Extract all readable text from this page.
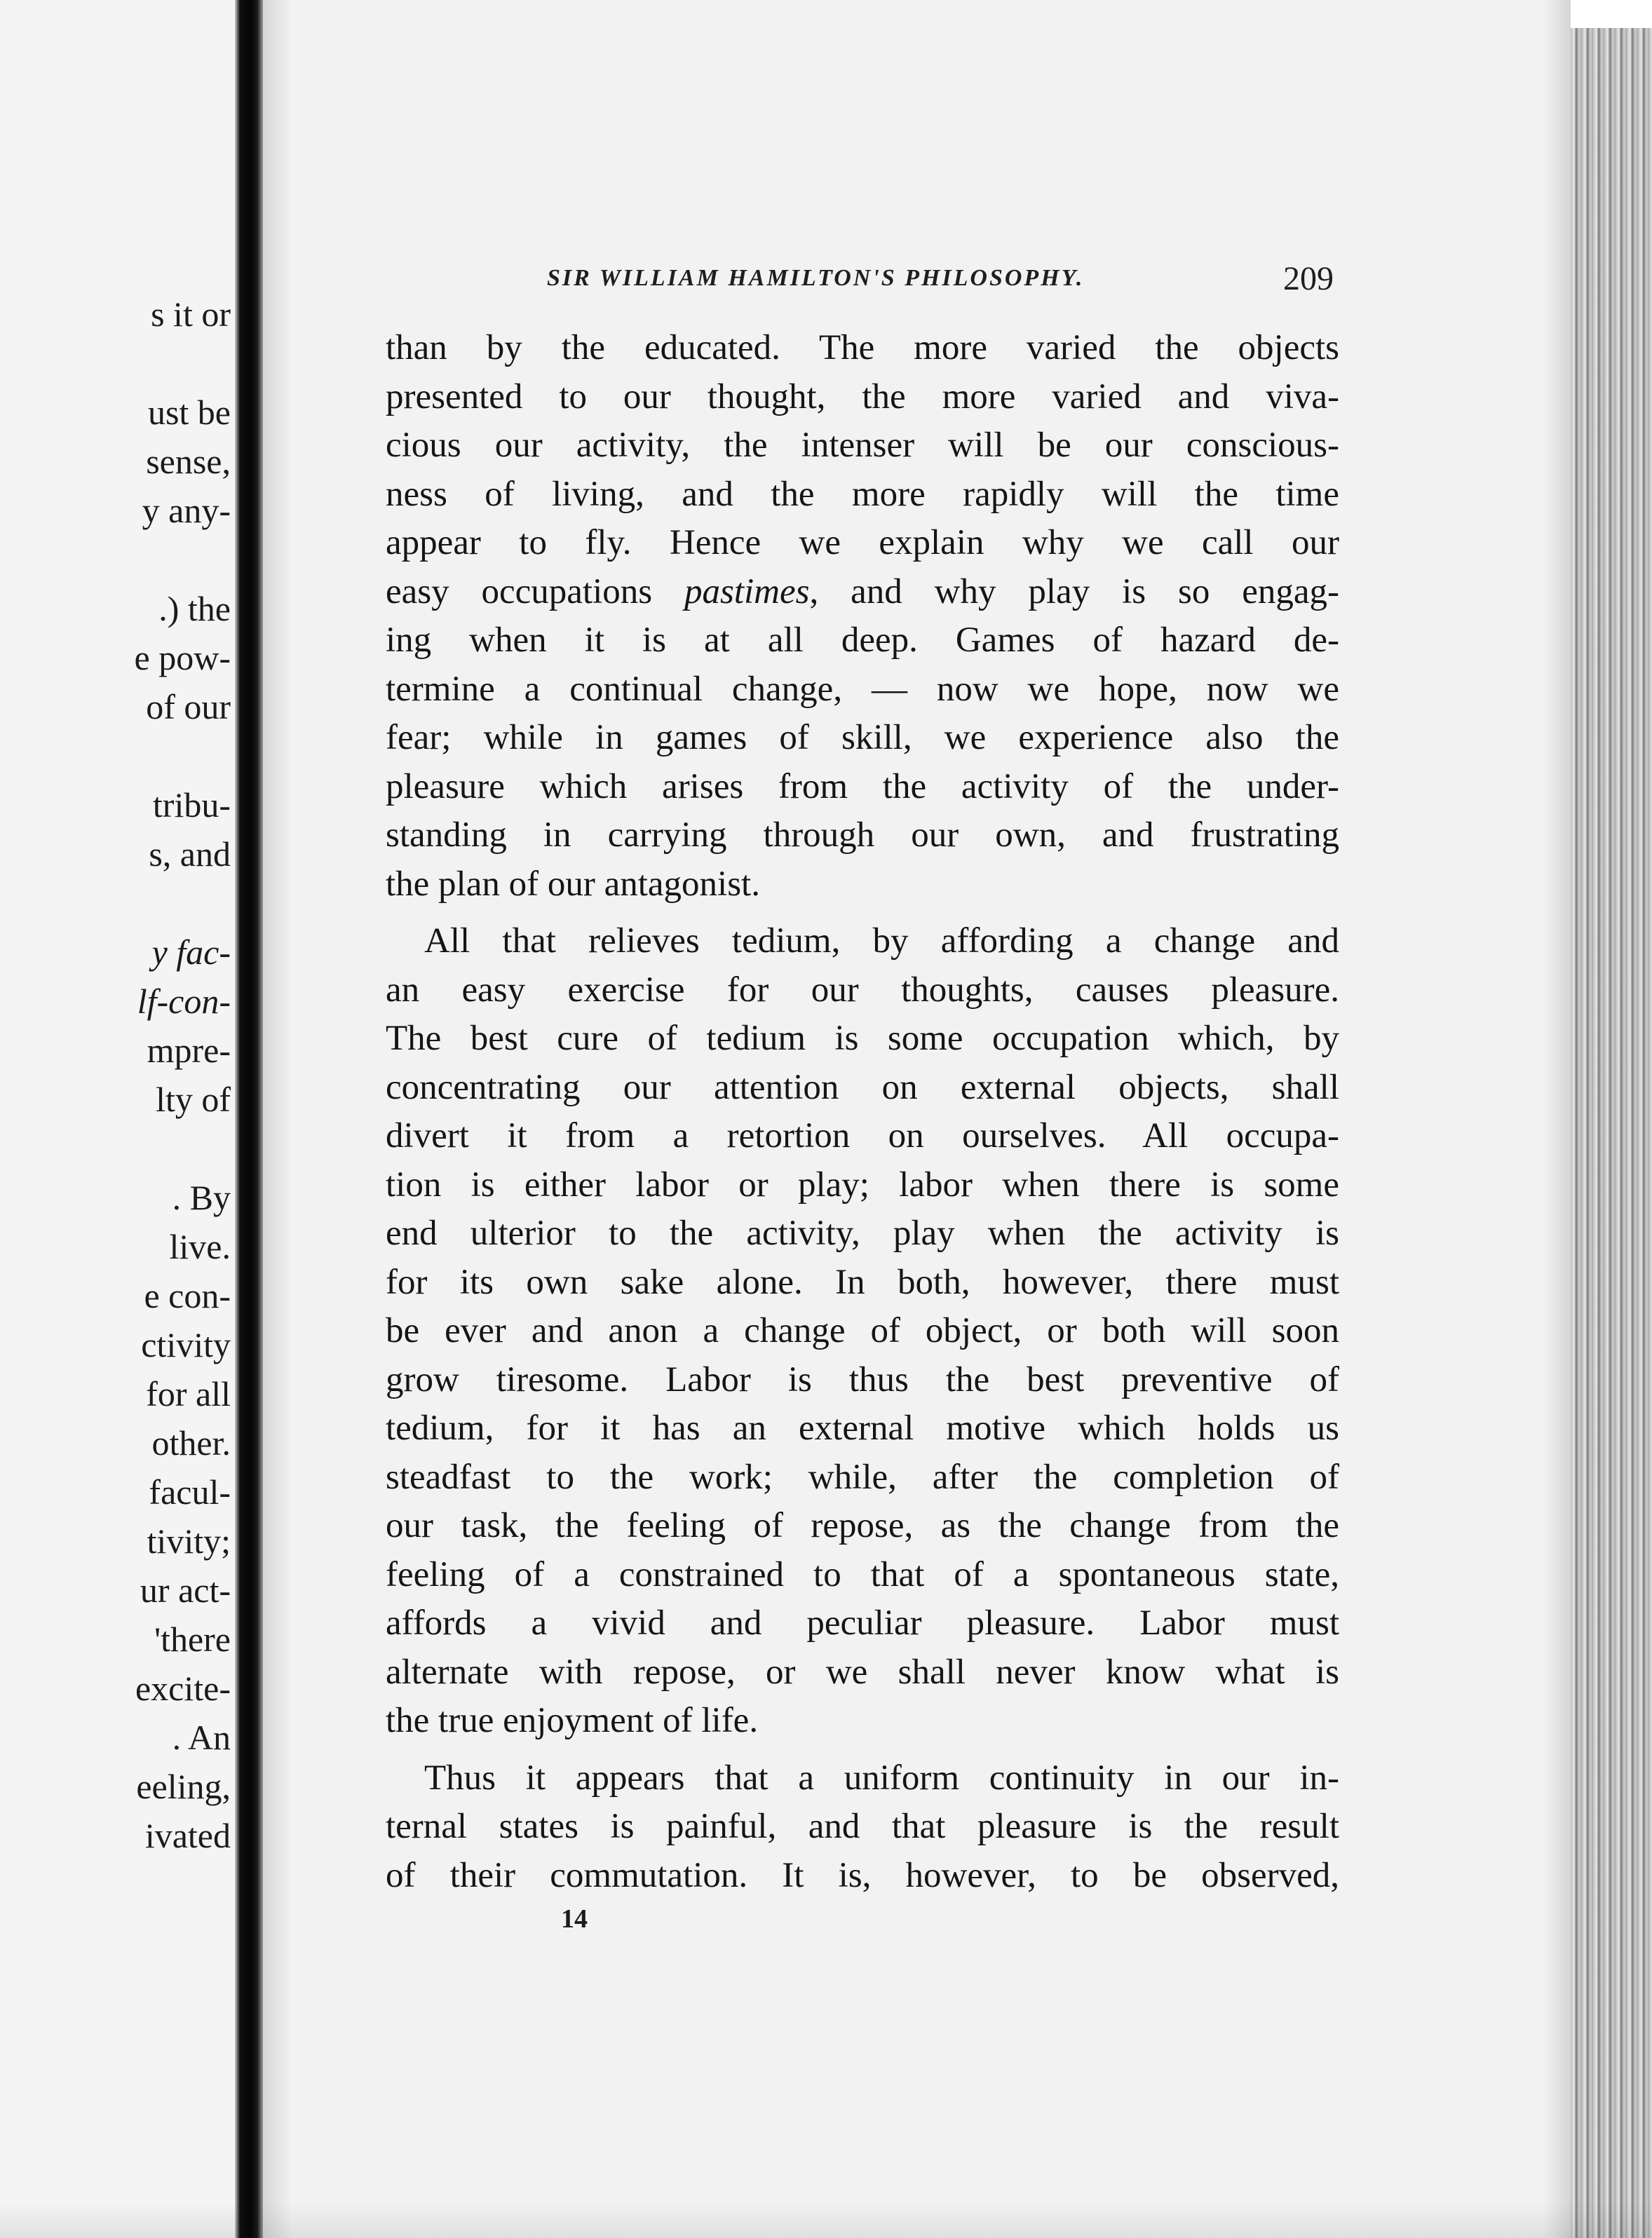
s it or

ust be

sense,

y any-

.) the

e pow-

of our

tribu-

s, and

y fac-

lf-con-

mpre-

lty of

. By

live.

e con-

ctivity

for all

other.

facul-

tivity;

ur act-

'there

excite-

. An

eeling,

ivated

SIR WILLIAM HAMILTON'S PHILOSOPHY.	209

than by the educated. The more varied the objects
presented to our thought, the more varied and viva-
cious our activity, the intenser will be our conscious-
ness of living, and the more rapidly will the time
appear to fly. Hence we explain why we call our
easy occupations pastimes, and why play is so engag-
ing when it is at all deep. Games of hazard de-
termine a continual change, — now we hope, now we
fear; while in games of skill, we experience also the
pleasure which arises from the activity of the under-
standing in carrying through our own, and frustrating
the plan of our antagonist.
All that relieves tedium, by affording a change and
an easy exercise for our thoughts, causes pleasure.
The best cure of tedium is some occupation which, by
concentrating our attention on external objects, shall
divert it from a retortion on ourselves. All occupa-
tion is either labor or play; labor when there is some
end ulterior to the activity, play when the activity is
for its own sake alone. In both, however, there must
be ever and anon a change of object, or both will soon
grow tiresome. Labor is thus the best preventive of
tedium, for it has an external motive which holds us
steadfast to the work; while, after the completion of
our task, the feeling of repose, as the change from the
feeling of a constrained to that of a spontaneous state,
affords a vivid and peculiar pleasure. Labor must
alternate with repose, or we shall never know what is
the true enjoyment of life.
Thus it appears that a uniform continuity in our in-
ternal states is painful, and that pleasure is the result
of their commutation. It is, however, to be observed,

14
